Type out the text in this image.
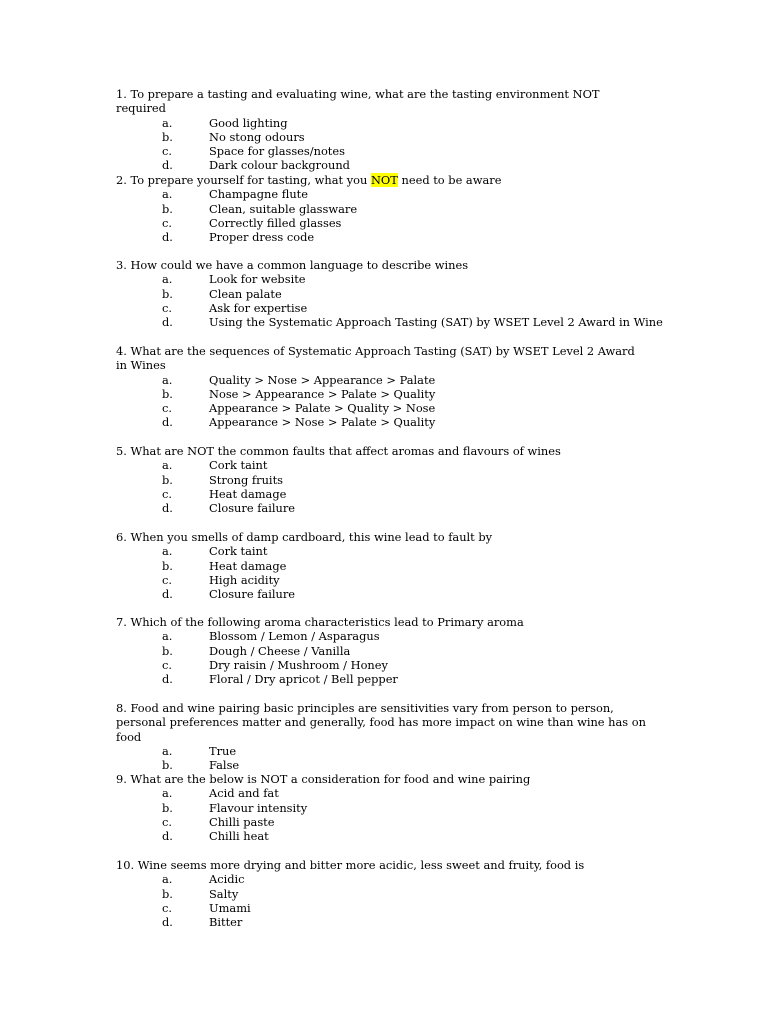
1. To prepare a tasting and evaluating wine, what are the tasting environment NOT required
a.	Good lighting
b.	No stong odours
c.	Space for glasses/notes
d.	Dark colour background
2. To prepare yourself for tasting, what you NOT need to be aware
a.	Champagne flute
b.	Clean, suitable glassware
c.	Correctly filled glasses
d.	Proper dress code
3. How could we have a common language to describe wines
a.	Look for website
b.	Clean palate
c.	Ask for expertise
d.	Using the Systematic Approach Tasting (SAT) by WSET Level 2 Award in Wine
4. What are the sequences of Systematic Approach Tasting (SAT) by WSET Level 2 Award in Wines
a.	Quality > Nose > Appearance > Palate
b.	Nose > Appearance > Palate > Quality
c.	Appearance > Palate > Quality > Nose
d.	Appearance > Nose > Palate > Quality
5. What are NOT the common faults that affect aromas and flavours of wines
a.	Cork taint
b.	Strong fruits
c.	Heat damage
d.	Closure failure
6. When you smells of damp cardboard, this wine lead to fault by
a.	Cork taint
b.	Heat damage
c.	High acidity
d.	Closure failure
7. Which of the following aroma characteristics lead to Primary aroma
a.	Blossom / Lemon / Asparagus
b.	Dough / Cheese / Vanilla
c.	Dry raisin / Mushroom / Honey
d.	Floral / Dry apricot / Bell pepper
8. Food and wine pairing basic principles are sensitivities vary from person to person, personal preferences matter and generally, food has more impact on wine than wine has on food
a.	True
b.	False
9. What are the below is NOT a consideration for food and wine pairing
a.	Acid and fat
b.	Flavour intensity
c.	Chilli paste
d.	Chilli heat
10. Wine seems more drying and bitter more acidic, less sweet and fruity, food is
a.	Acidic
b.	Salty
c.	Umami
d.	Bitter
